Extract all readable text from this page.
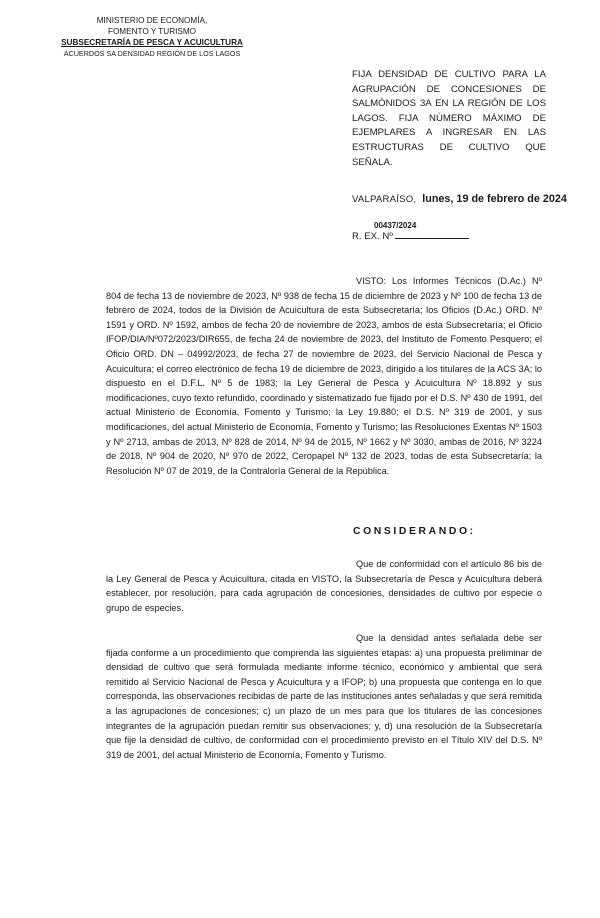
MINISTERIO DE ECONOMÍA,
FOMENTO Y TURISMO
SUBSECRETARÍA DE PESCA Y ACUICULTURA
ACUERDOS SA DENSIDAD REGIÓN DE LOS LAGOS
FIJA DENSIDAD DE CULTIVO PARA LA AGRUPACIÓN DE CONCESIONES DE SALMÓNIDOS 3A EN LA REGIÓN DE LOS LAGOS. FIJA NÚMERO MÁXIMO DE EJEMPLARES A INGRESAR EN LAS ESTRUCTURAS DE CULTIVO QUE SEÑALA.
VALPARAÍSO, lunes, 19 de febrero de 2024
R. EX. Nº
00437/2024
VISTO: Los Informes Técnicos (D.Ac.) Nº 804 de fecha 13 de noviembre de 2023, Nº 938 de fecha 15 de diciembre de 2023 y Nº 100 de fecha 13 de febrero de 2024, todos de la División de Acuicultura de esta Subsecretaría; los Oficios (D.Ac.) ORD. Nº 1591 y ORD. Nº 1592, ambos de fecha 20 de noviembre de 2023, ambos de esta Subsecretaría; el Oficio IFOP/DIA/Nº072/2023/DIR655, de fecha 24 de noviembre de 2023, del Instituto de Fomento Pesquero; el Oficio ORD. DN – 04992/2023, de fecha 27 de noviembre de 2023, del Servicio Nacional de Pesca y Acuicultura; el correo electrónico de fecha 19 de diciembre de 2023, dirigido a los titulares de la ACS 3A; lo dispuesto en el D.F.L. Nº 5 de 1983; la Ley General de Pesca y Acuicultura Nº 18.892 y sus modificaciones, cuyo texto refundido, coordinado y sistematizado fue fijado por el D.S. Nº 430 de 1991, del actual Ministerio de Economía, Fomento y Turismo; la Ley 19.880; el D.S. Nº 319 de 2001, y sus modificaciones, del actual Ministerio de Economía, Fomento y Turismo; las Resoluciones Exentas Nº 1503 y Nº 2713, ambas de 2013, Nº 828 de 2014, Nº 94 de 2015, Nº 1662 y Nº 3030, ambas de 2016, Nº 3224 de 2018, Nº 904 de 2020, Nº 970 de 2022, Ceropapel Nº 132 de 2023, todas de esta Subsecretaría; la Resolución Nº 07 de 2019, de la Contraloría General de la República.
CONSIDERANDO:
Que de conformidad con el artículo 86 bis de la Ley General de Pesca y Acuicultura, citada en VISTO, la Subsecretaría de Pesca y Acuicultura deberá establecer, por resolución, para cada agrupación de concesiones, densidades de cultivo por especie o grupo de especies.
Que la densidad antes señalada debe ser fijada conforme a un procedimiento que comprenda las siguientes etapas: a) una propuesta preliminar de densidad de cultivo que será formulada mediante informe técnico, económico y ambiental que será remitido al Servicio Nacional de Pesca y Acuicultura y a IFOP; b) una propuesta que contenga en lo que corresponda, las observaciones recibidas de parte de las instituciones antes señaladas y que será remitida a las agrupaciones de concesiones; c) un plazo de un mes para que los titulares de las concesiones integrantes de la agrupación puedan remitir sus observaciones; y, d) una resolución de la Subsecretaría que fije la densidad de cultivo, de conformidad con el procedimiento previsto en el Título XIV del D.S. Nº 319 de 2001, del actual Ministerio de Economía, Fomento y Turismo.
